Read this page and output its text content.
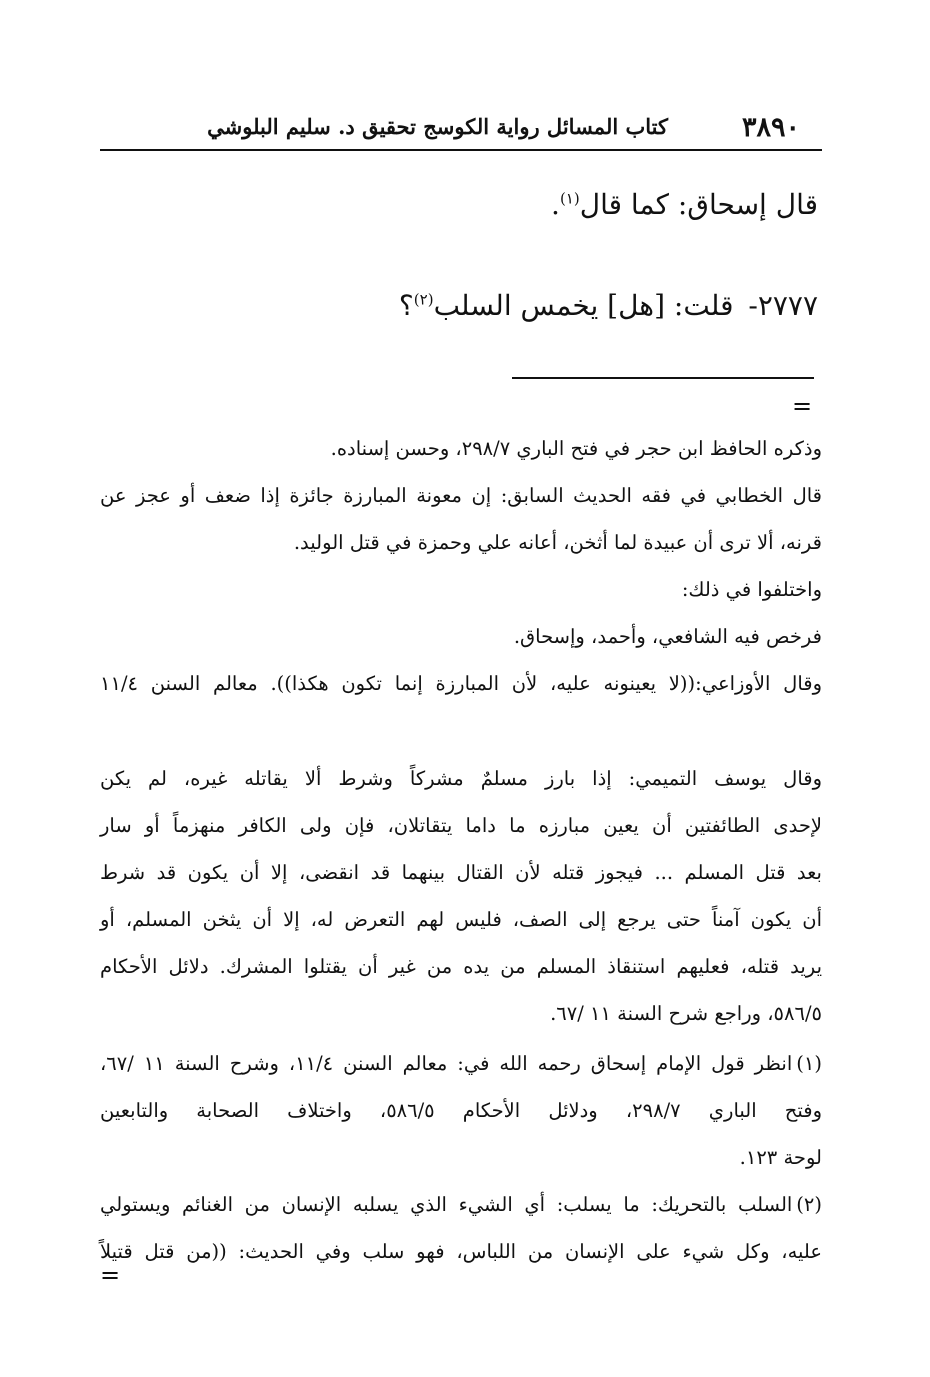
٣٨٩٠
كتاب المسائل رواية الكوسج تحقيق د. سليم البلوشي
قال إسحاق: كما قال$^{(١)}$.
٢٧٧٧- قلت: [هل] يخمس السلب$^{(٢)}$؟
=

وذكره الحافظ ابن حجر في فتح الباري ٢٩٨/٧، وحسن إسناده.

قال الخطابي في فقه الحديث السابق: إن معونة المبارزة جائزة إذا ضعف أو عجز عن

قرنه، ألا ترى أن عبيدة لما أثخن، أعانه علي وحمزة في قتل الوليد.

واختلفوا في ذلك:

فرخص فيه الشافعي، وأحمد، وإسحاق.

وقال الأوزاعي:((لا يعينونه عليه، لأن المبارزة إنما تكون هكذا)). معالم السنن ١١/٤

وقال يوسف التميمي: إذا بارز مسلمٌ مشركاً وشرط ألا يقاتله غيره، لم يكن

لإحدى الطائفتين أن يعين مبارزه ما داما يتقاتلان، فإن ولى الكافر منهزماً أو سار

بعد قتل المسلم ... فيجوز قتله لأن القتال بينهما قد انقضى، إلا أن يكون قد شرط

أن يكون آمناً حتى يرجع إلى الصف، فليس لهم التعرض له، إلا أن يثخن المسلم، أو

يريد قتله، فعليهم استنقاذ المسلم من يده من غير أن يقتلوا المشرك. دلائل الأحكام

٥٨٦/٥، وراجع شرح السنة ١١ /٦٧.

(١)انظر قول الإمام إسحاق رحمه الله في: معالم السنن ١١/٤، وشرح السنة ١١ /٦٧،

وفتح الباري ٢٩٨/٧، ودلائل الأحكام ٥٨٦/٥، واختلاف الصحابة والتابعين

لوحة ١٢٣.

(٢)السلب بالتحريك: ما يسلب: أي الشيء الذي يسلبه الإنسان من الغنائم ويستولي

عليه، وكل شيء على الإنسان من اللباس، فهو سلب وفي الحديث: ((من قتل قتيلاً

=
